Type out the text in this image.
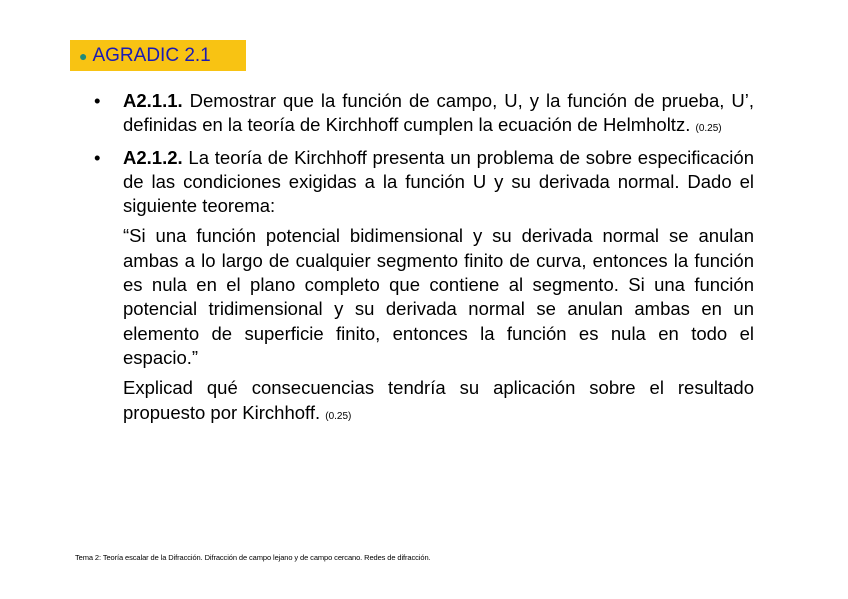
● AGRADIC 2.1
• A2.1.1. Demostrar que la función de campo, U, y la función de prueba, U’, definidas en la teoría de Kirchhoff cumplen la ecuación de Helmholtz. (0.25)
• A2.1.2. La teoría de Kirchhoff presenta un problema de sobre especificación de las condiciones exigidas a la función U y su derivada normal. Dado el siguiente teorema:
“Si una función potencial bidimensional y su derivada normal se anulan ambas a lo largo de cualquier segmento finito de curva, entonces la función es nula en el plano completo que contiene al segmento. Si una función potencial tridimensional y su derivada normal se anulan ambas en un elemento de superficie finito, entonces la función es nula en todo el espacio.”
Explicad qué consecuencias tendría su aplicación sobre el resultado propuesto por Kirchhoff. (0.25)
Tema 2: Teoría escalar de la Difracción. Difracción de campo lejano y de campo cercano. Redes de difracción.
